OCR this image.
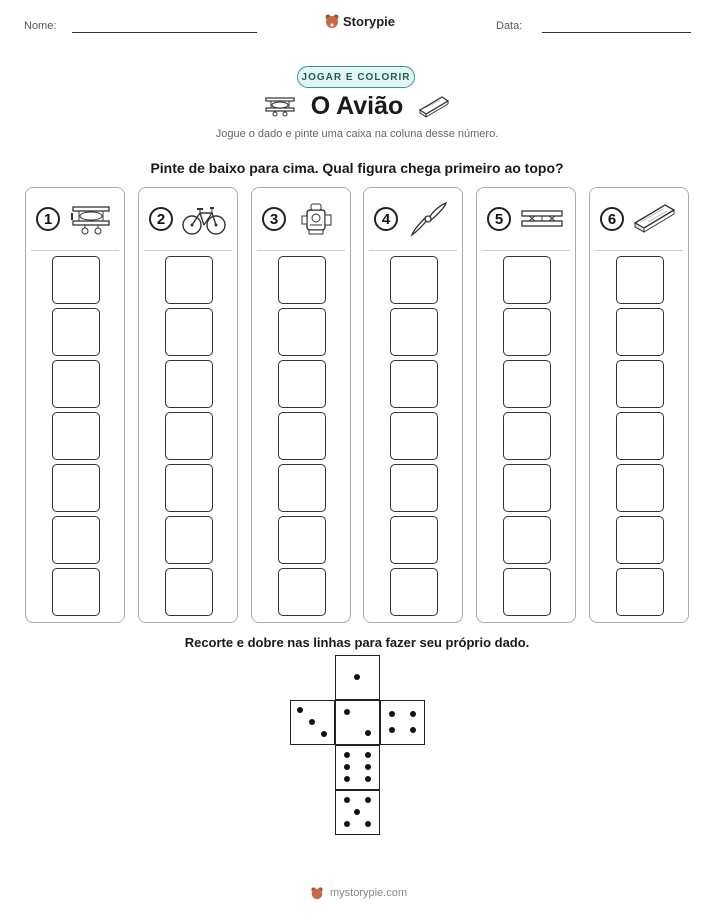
Nome:	Storypie	Data:
JOGAR E COLORIR
O Avião
Jogue o dado e pinte uma caixa na coluna desse número.
Pinte de baixo para cima. Qual figura chega primeiro ao topo?
1	2	3	4	5	6
Recorte e dobre nas linhas para fazer seu próprio dado.
mystorypie.com
